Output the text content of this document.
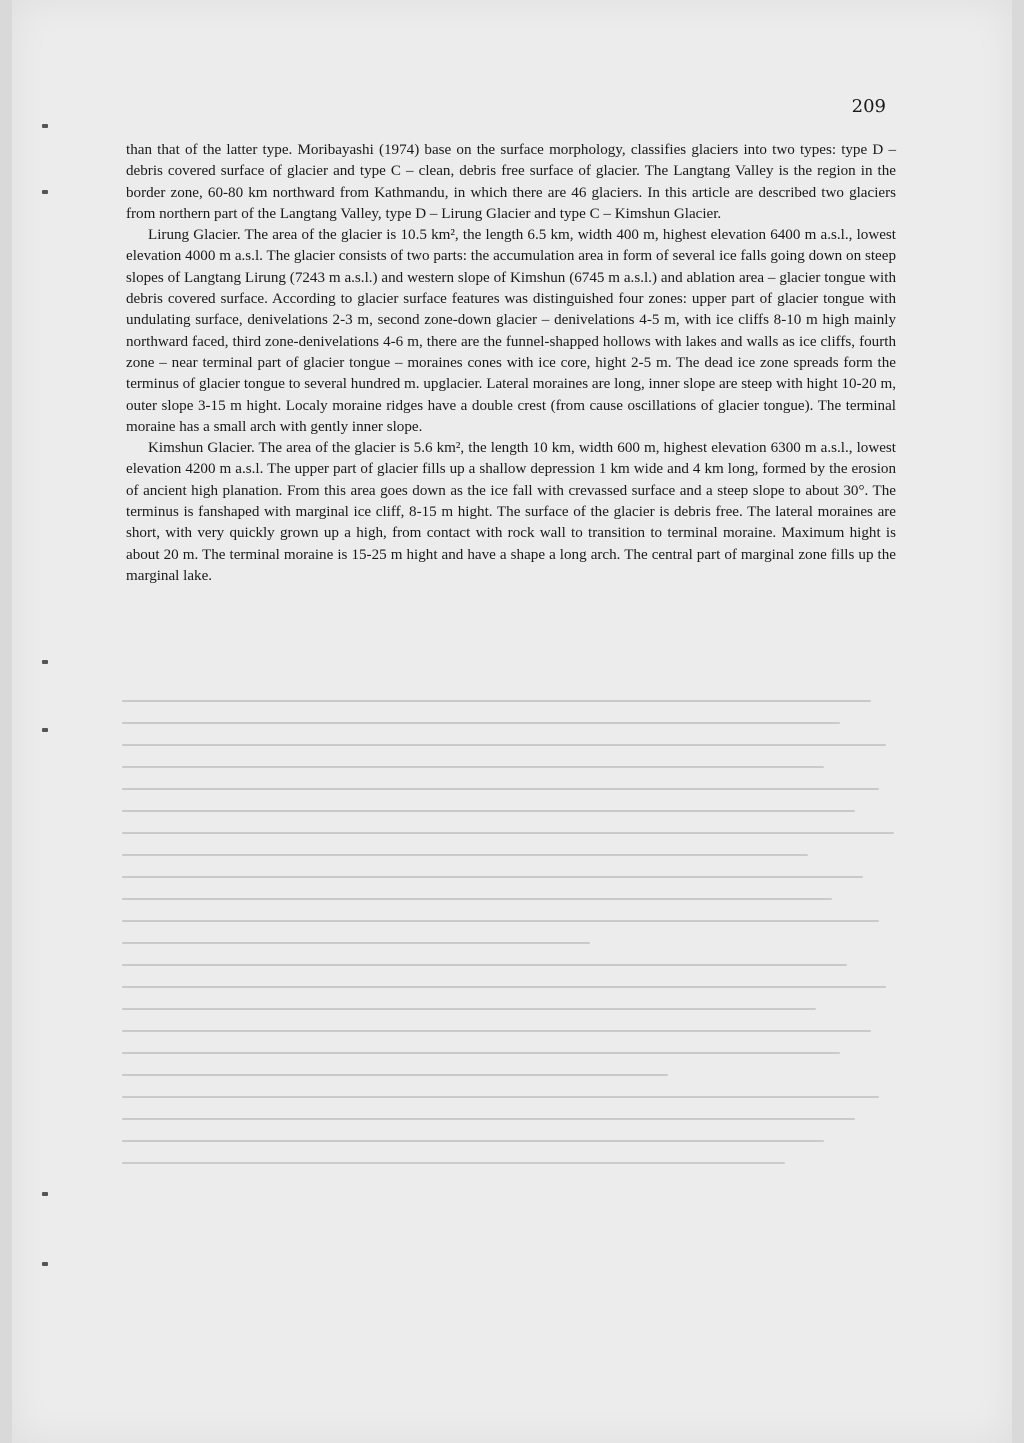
209

than that of the latter type. Moribayashi (1974) base on the surface morphology, classifies glaciers into two types: type D – debris covered surface of glacier and type C – clean, debris free surface of glacier. The Langtang Valley is the region in the border zone, 60-80 km northward from Kathmandu, in which there are 46 glaciers. In this article are described two glaciers from northern part of the Langtang Valley, type D – Lirung Glacier and type C – Kimshun Glacier.

Lirung Glacier. The area of the glacier is 10.5 km², the length 6.5 km, width 400 m, highest elevation 6400 m a.s.l., lowest elevation 4000 m a.s.l. The glacier consists of two parts: the accumulation area in form of several ice falls going down on steep slopes of Langtang Lirung (7243 m a.s.l.) and western slope of Kimshun (6745 m a.s.l.) and ablation area – glacier tongue with debris covered surface. According to glacier surface features was distinguished four zones: upper part of glacier tongue with undulating surface, denivelations 2-3 m, second zone-down glacier – denivelations 4-5 m, with ice cliffs 8-10 m high mainly northward faced, third zone-denivelations 4-6 m, there are the funnel-shapped hollows with lakes and walls as ice cliffs, fourth zone – near terminal part of glacier tongue – moraines cones with ice core, hight 2-5 m. The dead ice zone spreads form the terminus of glacier tongue to several hundred m. upglacier. Lateral moraines are long, inner slope are steep with hight 10-20 m, outer slope 3-15 m hight. Localy moraine ridges have a double crest (from cause oscillations of glacier tongue). The terminal moraine has a small arch with gently inner slope.

Kimshun Glacier. The area of the glacier is 5.6 km², the length 10 km, width 600 m, highest elevation 6300 m a.s.l., lowest elevation 4200 m a.s.l. The upper part of glacier fills up a shallow depression 1 km wide and 4 km long, formed by the erosion of ancient high planation. From this area goes down as the ice fall with crevassed surface and a steep slope to about 30°. The terminus is fanshaped with marginal ice cliff, 8-15 m hight. The surface of the glacier is debris free. The lateral moraines are short, with very quickly grown up a high, from contact with rock wall to transition to terminal moraine. Maximum hight is about 20 m. The terminal moraine is 15-25 m hight and have a shape a long arch. The central part of marginal zone fills up the marginal lake.
